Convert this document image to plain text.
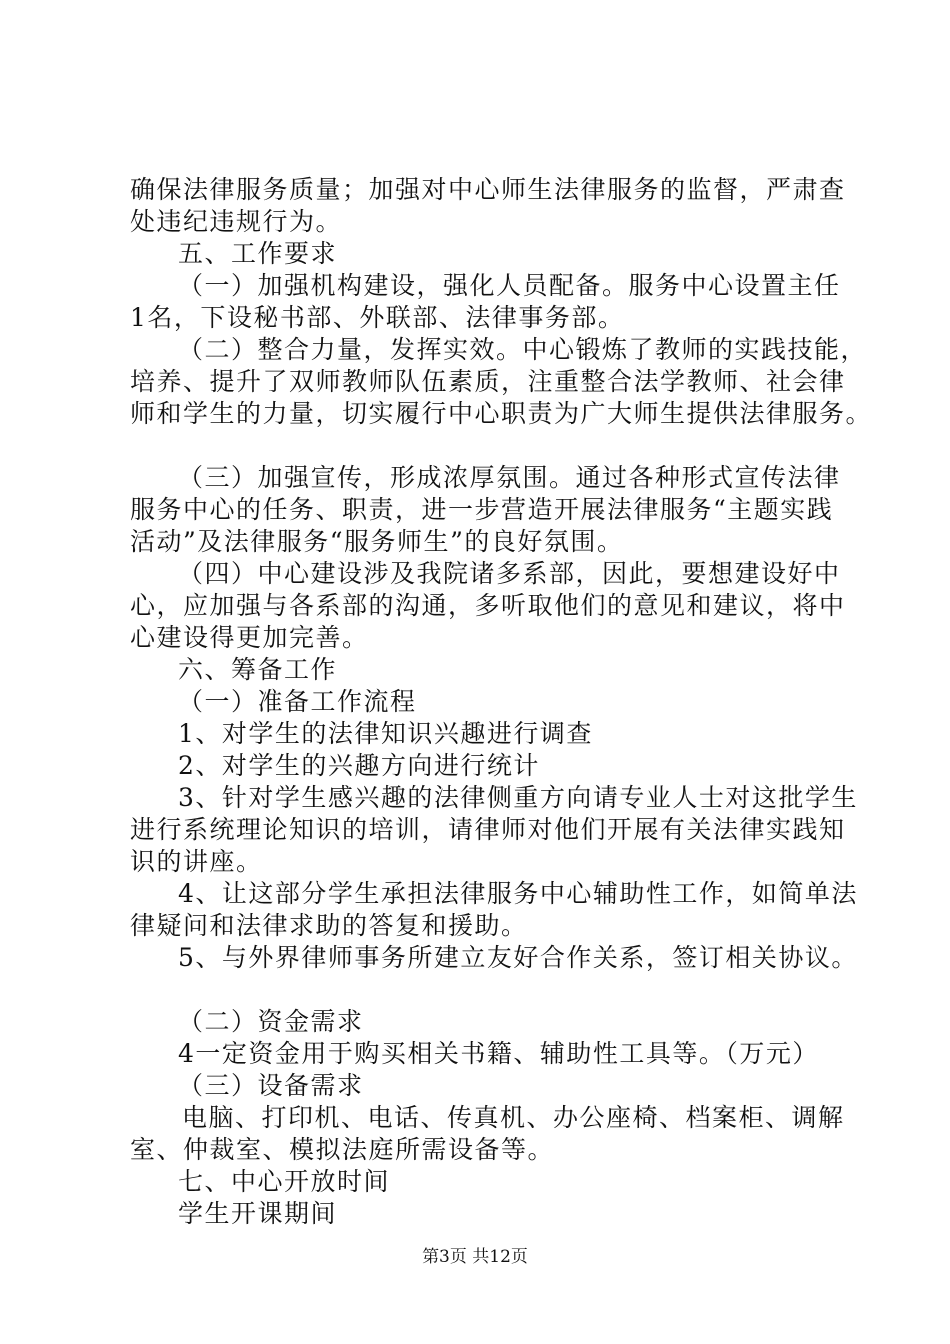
确保法律服务质量；加强对中心师生法律服务的监督，严肃查
处违纪违规行为。
五、工作要求
（一）加强机构建设，强化人员配备。服务中心设置主任
1名，下设秘书部、外联部、法律事务部。
（二）整合力量，发挥实效。中心锻炼了教师的实践技能，
培养、提升了双师教师队伍素质，注重整合法学教师、社会律
师和学生的力量，切实履行中心职责为广大师生提供法律服务。
（三）加强宣传，形成浓厚氛围。通过各种形式宣传法律
服务中心的任务、职责，进一步营造开展法律服务“主题实践
活动”及法律服务“服务师生”的良好氛围。
（四）中心建设涉及我院诸多系部，因此，要想建设好中
心，应加强与各系部的沟通，多听取他们的意见和建议，将中
心建设得更加完善。
六、筹备工作
（一）准备工作流程
1、对学生的法律知识兴趣进行调查
2、对学生的兴趣方向进行统计
3、针对学生感兴趣的法律侧重方向请专业人士对这批学生
进行系统理论知识的培训，请律师对他们开展有关法律实践知
识的讲座。
4、让这部分学生承担法律服务中心辅助性工作，如简单法
律疑问和法律求助的答复和援助。
5、与外界律师事务所建立友好合作关系，签订相关协议。
（二）资金需求
4一定资金用于购买相关书籍、辅助性工具等。（万元）
（三）设备需求
电脑、打印机、电话、传真机、办公座椅、档案柜、调解
室、仲裁室、模拟法庭所需设备等。
七、中心开放时间
学生开课期间
第3页 共12页
